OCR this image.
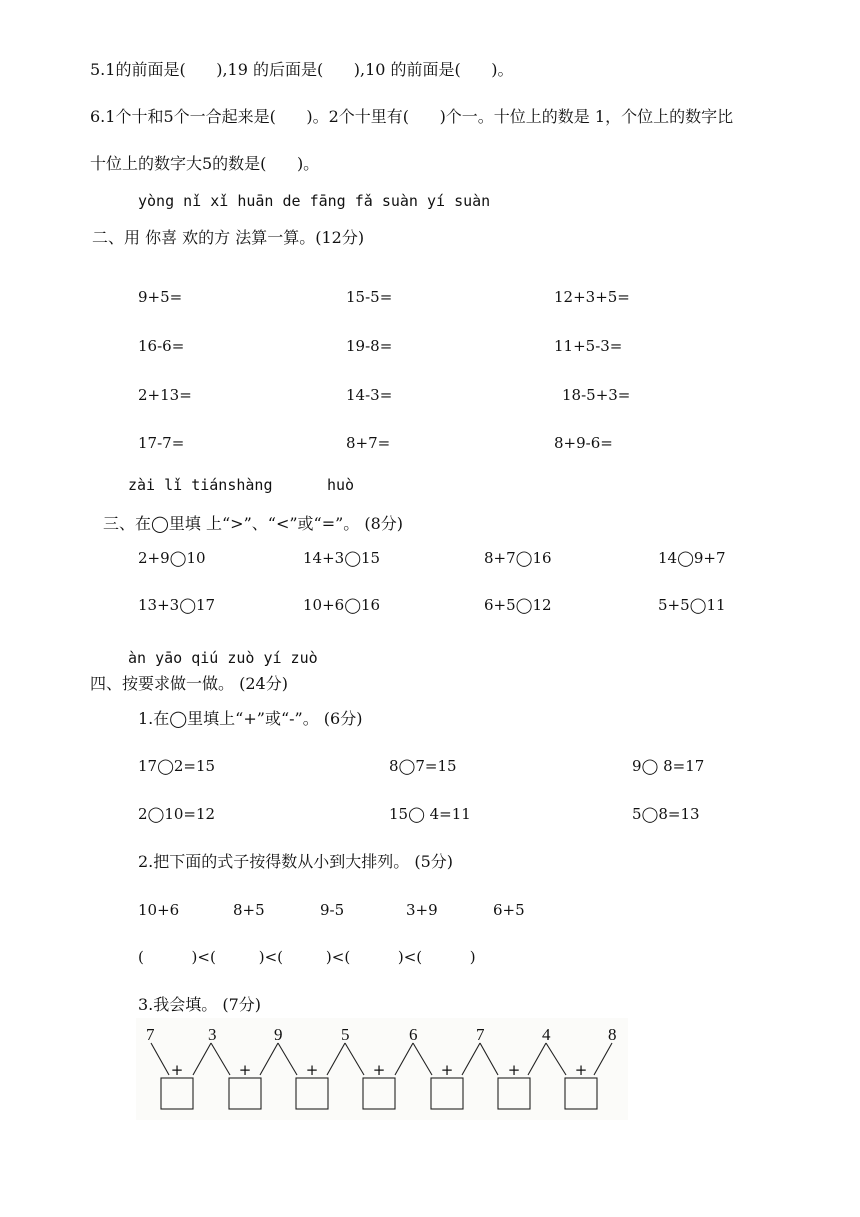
5.1的前面是(      ),19 的后面是(      ),10 的前面是(      )。
6.1个十和5个一合起来是(      )。2个十里有(      )个一。十位上的数是 1，个位上的数字比
十位上的数字大5的数是(      )。
yòng nǐ xǐ huān de fāng fǎ suàn yí suàn
二、用 你喜 欢的方 法算一算。(12分)
9+5=	15-5=	12+3+5=
16-6=	19-8=	11+5-3=
2+13=	14-3=	18-5+3=
17-7=	8+7=	8+9-6=
zài lǐ tiánshàng	huò
三、在◯里填 上“>”、“<”或“=”。 (8分)
2+9◯10	14+3◯15	8+7◯16	14◯9+7
13+3◯17	10+6◯16	6+5◯12	5+5◯11
àn yāo qiú zuò yí zuò
四、按要求做一做。 (24分)
1.在◯里填上“+”或“-”。 (6分)
17◯2=15	8◯7=15	9◯ 8=17
2◯10=12	15◯ 4=11	5◯8=13
2.把下面的式子按得数从小到大排列。 (5分)
10+6	8+5	9-5	3+9	6+5
(          )<(         )<(         )<(          )<(          )
3.我会填。 (7分)
7	3	9	5	6	7	4	8
+	+	+	+	+	+	+
